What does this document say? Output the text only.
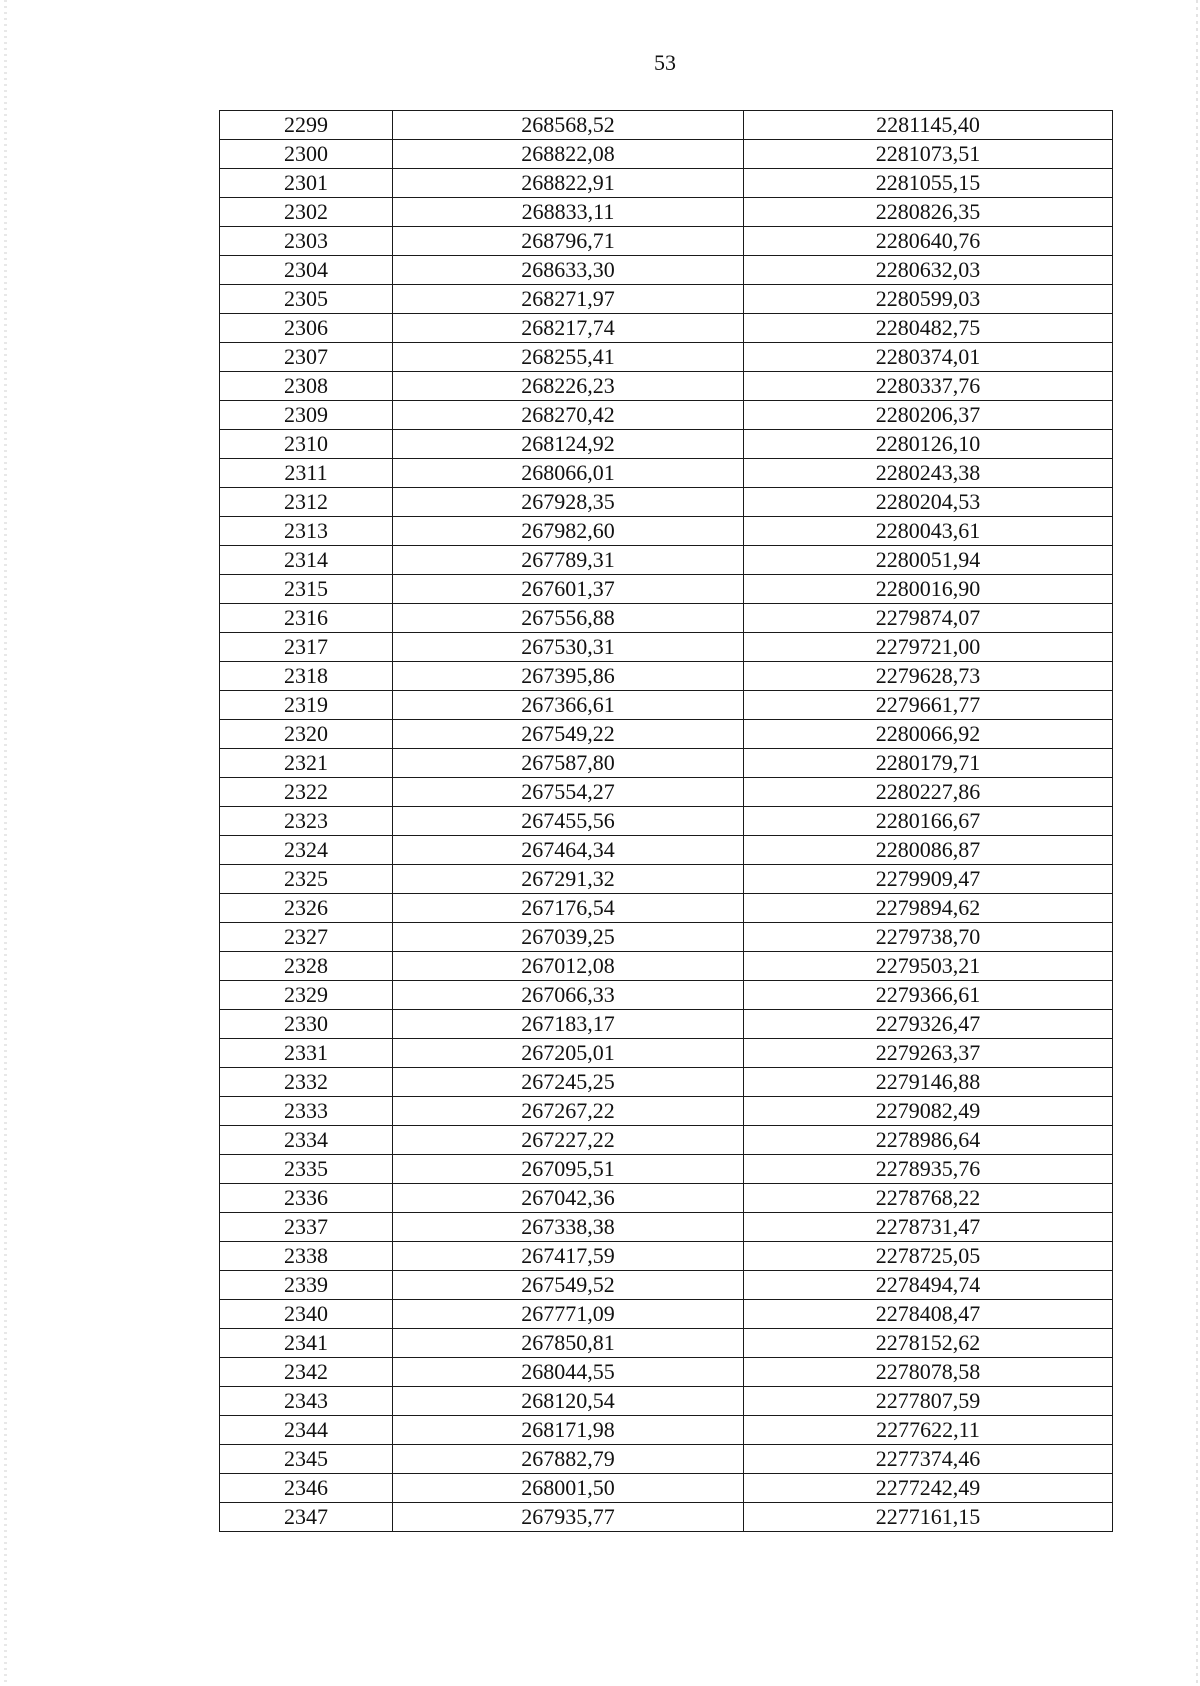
53
2299	268568,52	2281145,40
2300	268822,08	2281073,51
2301	268822,91	2281055,15
2302	268833,11	2280826,35
2303	268796,71	2280640,76
2304	268633,30	2280632,03
2305	268271,97	2280599,03
2306	268217,74	2280482,75
2307	268255,41	2280374,01
2308	268226,23	2280337,76
2309	268270,42	2280206,37
2310	268124,92	2280126,10
2311	268066,01	2280243,38
2312	267928,35	2280204,53
2313	267982,60	2280043,61
2314	267789,31	2280051,94
2315	267601,37	2280016,90
2316	267556,88	2279874,07
2317	267530,31	2279721,00
2318	267395,86	2279628,73
2319	267366,61	2279661,77
2320	267549,22	2280066,92
2321	267587,80	2280179,71
2322	267554,27	2280227,86
2323	267455,56	2280166,67
2324	267464,34	2280086,87
2325	267291,32	2279909,47
2326	267176,54	2279894,62
2327	267039,25	2279738,70
2328	267012,08	2279503,21
2329	267066,33	2279366,61
2330	267183,17	2279326,47
2331	267205,01	2279263,37
2332	267245,25	2279146,88
2333	267267,22	2279082,49
2334	267227,22	2278986,64
2335	267095,51	2278935,76
2336	267042,36	2278768,22
2337	267338,38	2278731,47
2338	267417,59	2278725,05
2339	267549,52	2278494,74
2340	267771,09	2278408,47
2341	267850,81	2278152,62
2342	268044,55	2278078,58
2343	268120,54	2277807,59
2344	268171,98	2277622,11
2345	267882,79	2277374,46
2346	268001,50	2277242,49
2347	267935,77	2277161,15
